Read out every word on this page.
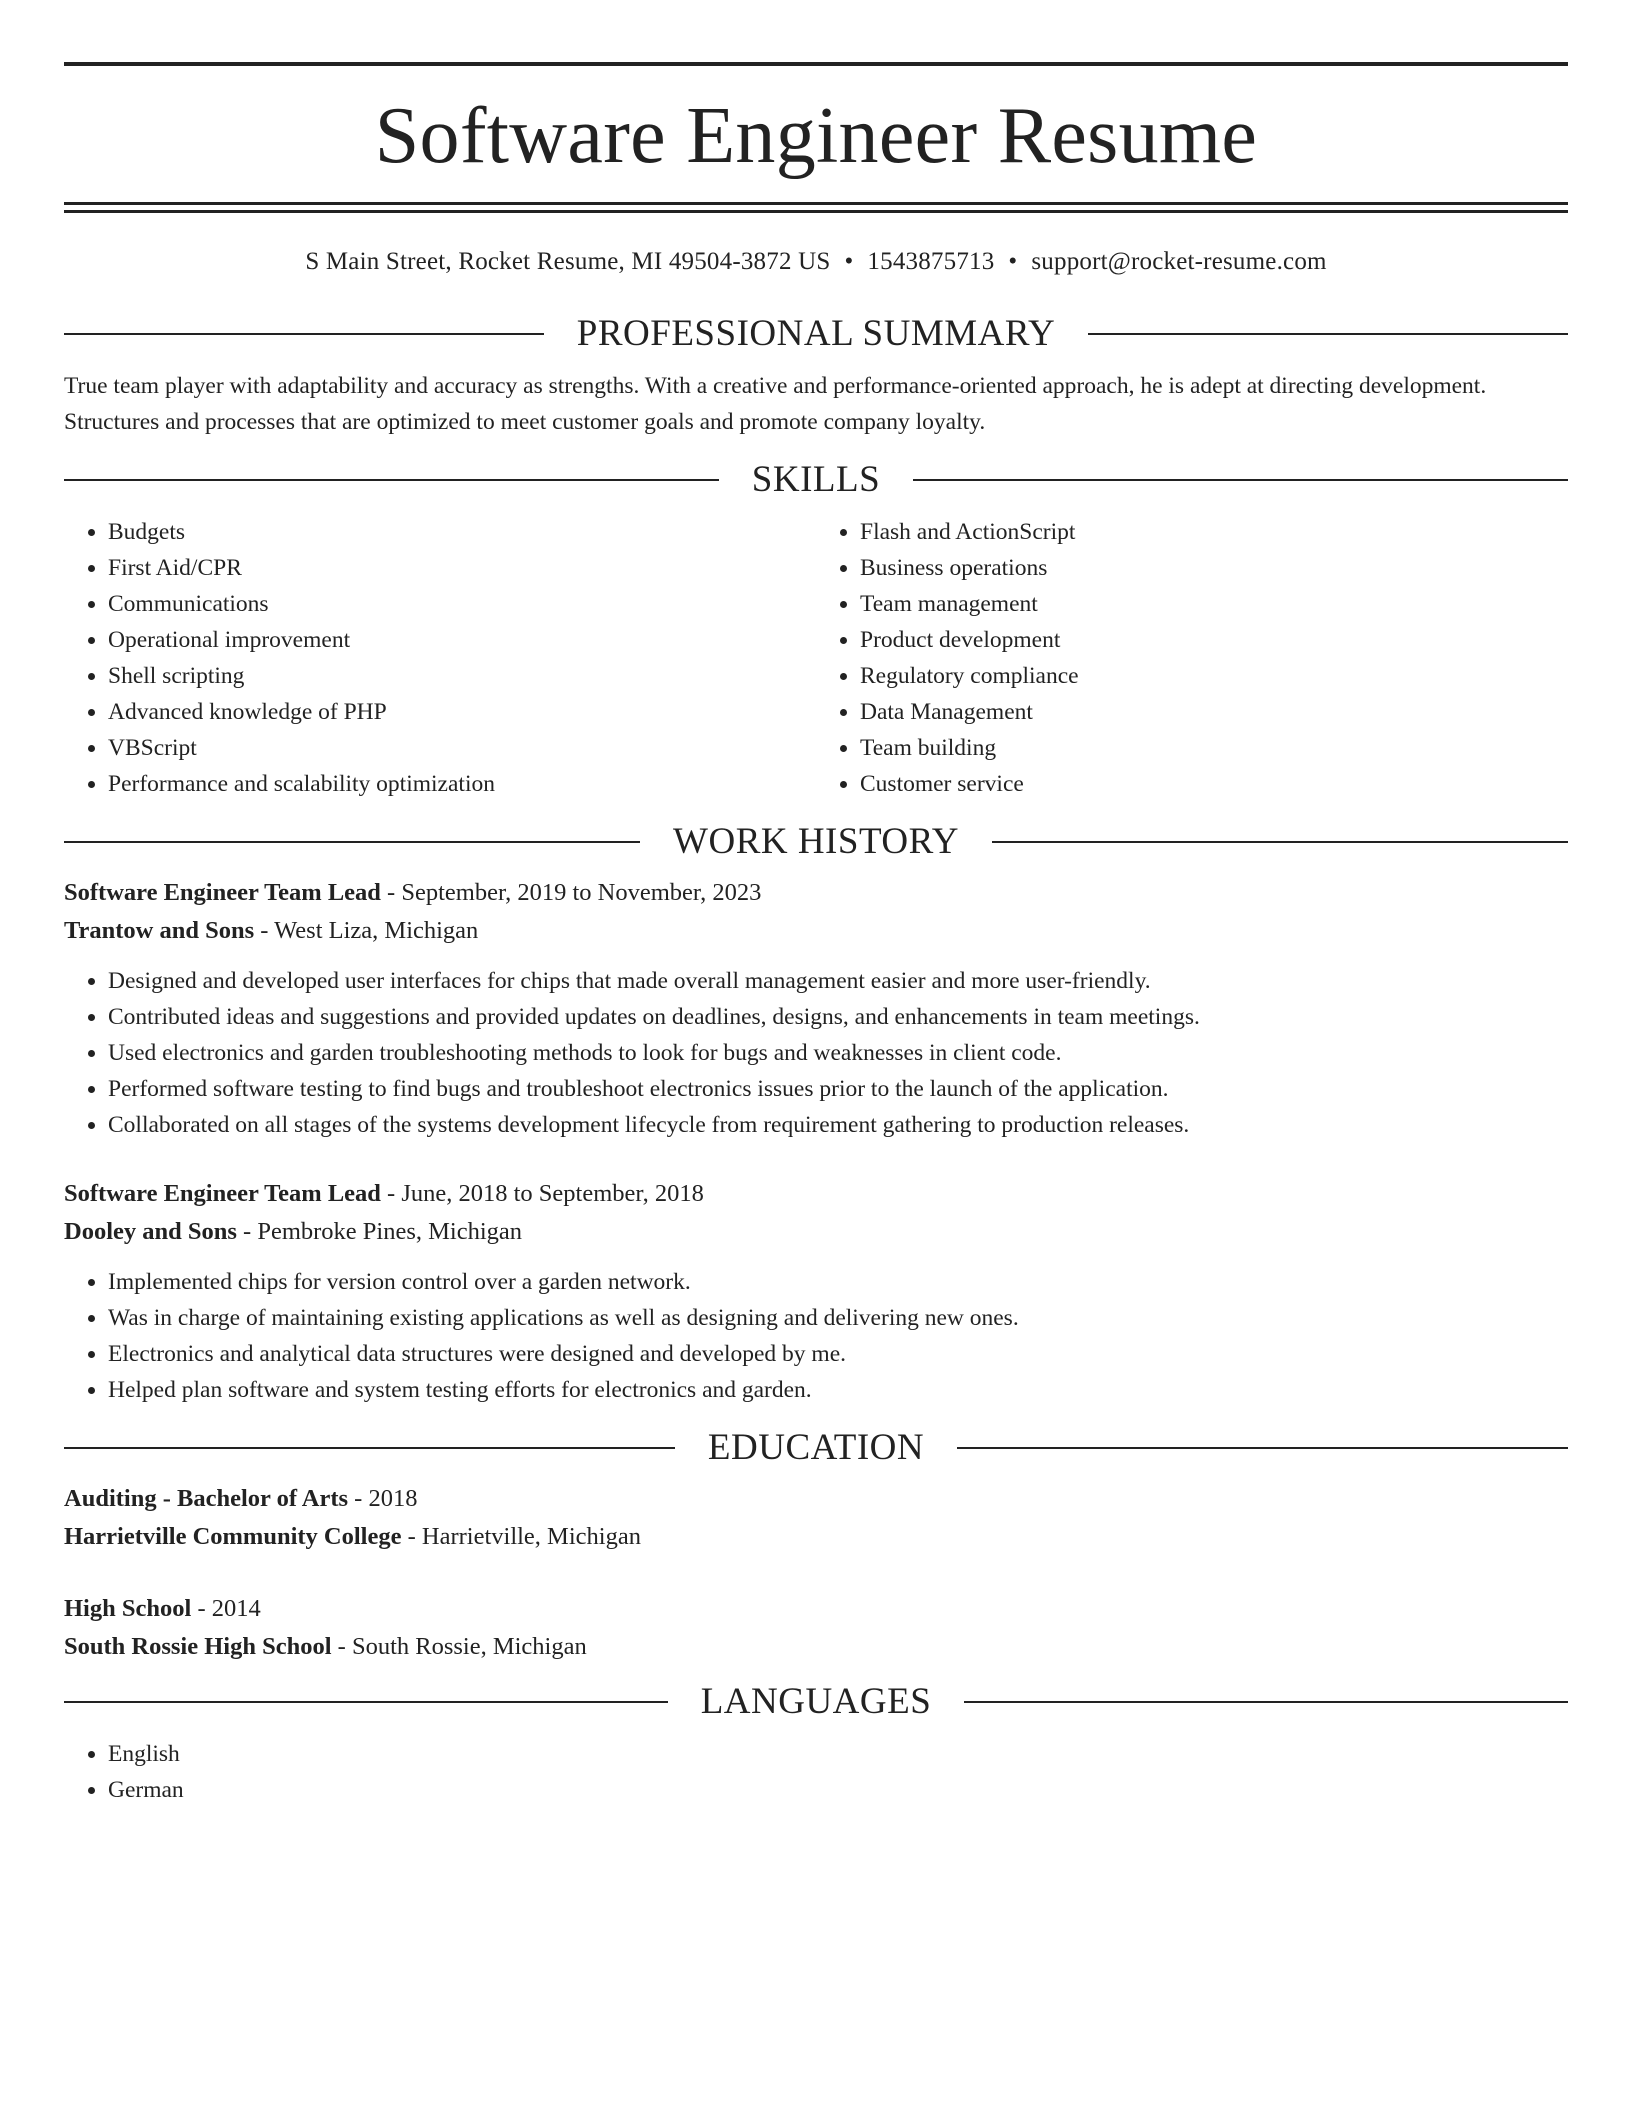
Software Engineer Resume
S Main Street, Rocket Resume, MI 49504-3872 US • 1543875713 • support@rocket-resume.com
PROFESSIONAL SUMMARY

True team player with adaptability and accuracy as strengths. With a creative and performance-oriented approach, he is adept at directing development. Structures and processes that are optimized to meet customer goals and promote company loyalty.

SKILLS
• Budgets
• First Aid/CPR
• Communications
• Operational improvement
• Shell scripting
• Advanced knowledge of PHP
• VBScript
• Performance and scalability optimization
• Flash and ActionScript
• Business operations
• Team management
• Product development
• Regulatory compliance
• Data Management
• Team building
• Customer service
WORK HISTORY
Software Engineer Team Lead - September, 2019 to November, 2023
Trantow and Sons - West Liza, Michigan
• Designed and developed user interfaces for chips that made overall management easier and more user-friendly.
• Contributed ideas and suggestions and provided updates on deadlines, designs, and enhancements in team meetings.
• Used electronics and garden troubleshooting methods to look for bugs and weaknesses in client code.
• Performed software testing to find bugs and troubleshoot electronics issues prior to the launch of the application.
• Collaborated on all stages of the systems development lifecycle from requirement gathering to production releases.
Software Engineer Team Lead - June, 2018 to September, 2018
Dooley and Sons - Pembroke Pines, Michigan
• Implemented chips for version control over a garden network.
• Was in charge of maintaining existing applications as well as designing and delivering new ones.
• Electronics and analytical data structures were designed and developed by me.
• Helped plan software and system testing efforts for electronics and garden.
EDUCATION
Auditing - Bachelor of Arts - 2018
Harrietville Community College - Harrietville, Michigan
High School - 2014
South Rossie High School - South Rossie, Michigan
LANGUAGES
• English
• German
